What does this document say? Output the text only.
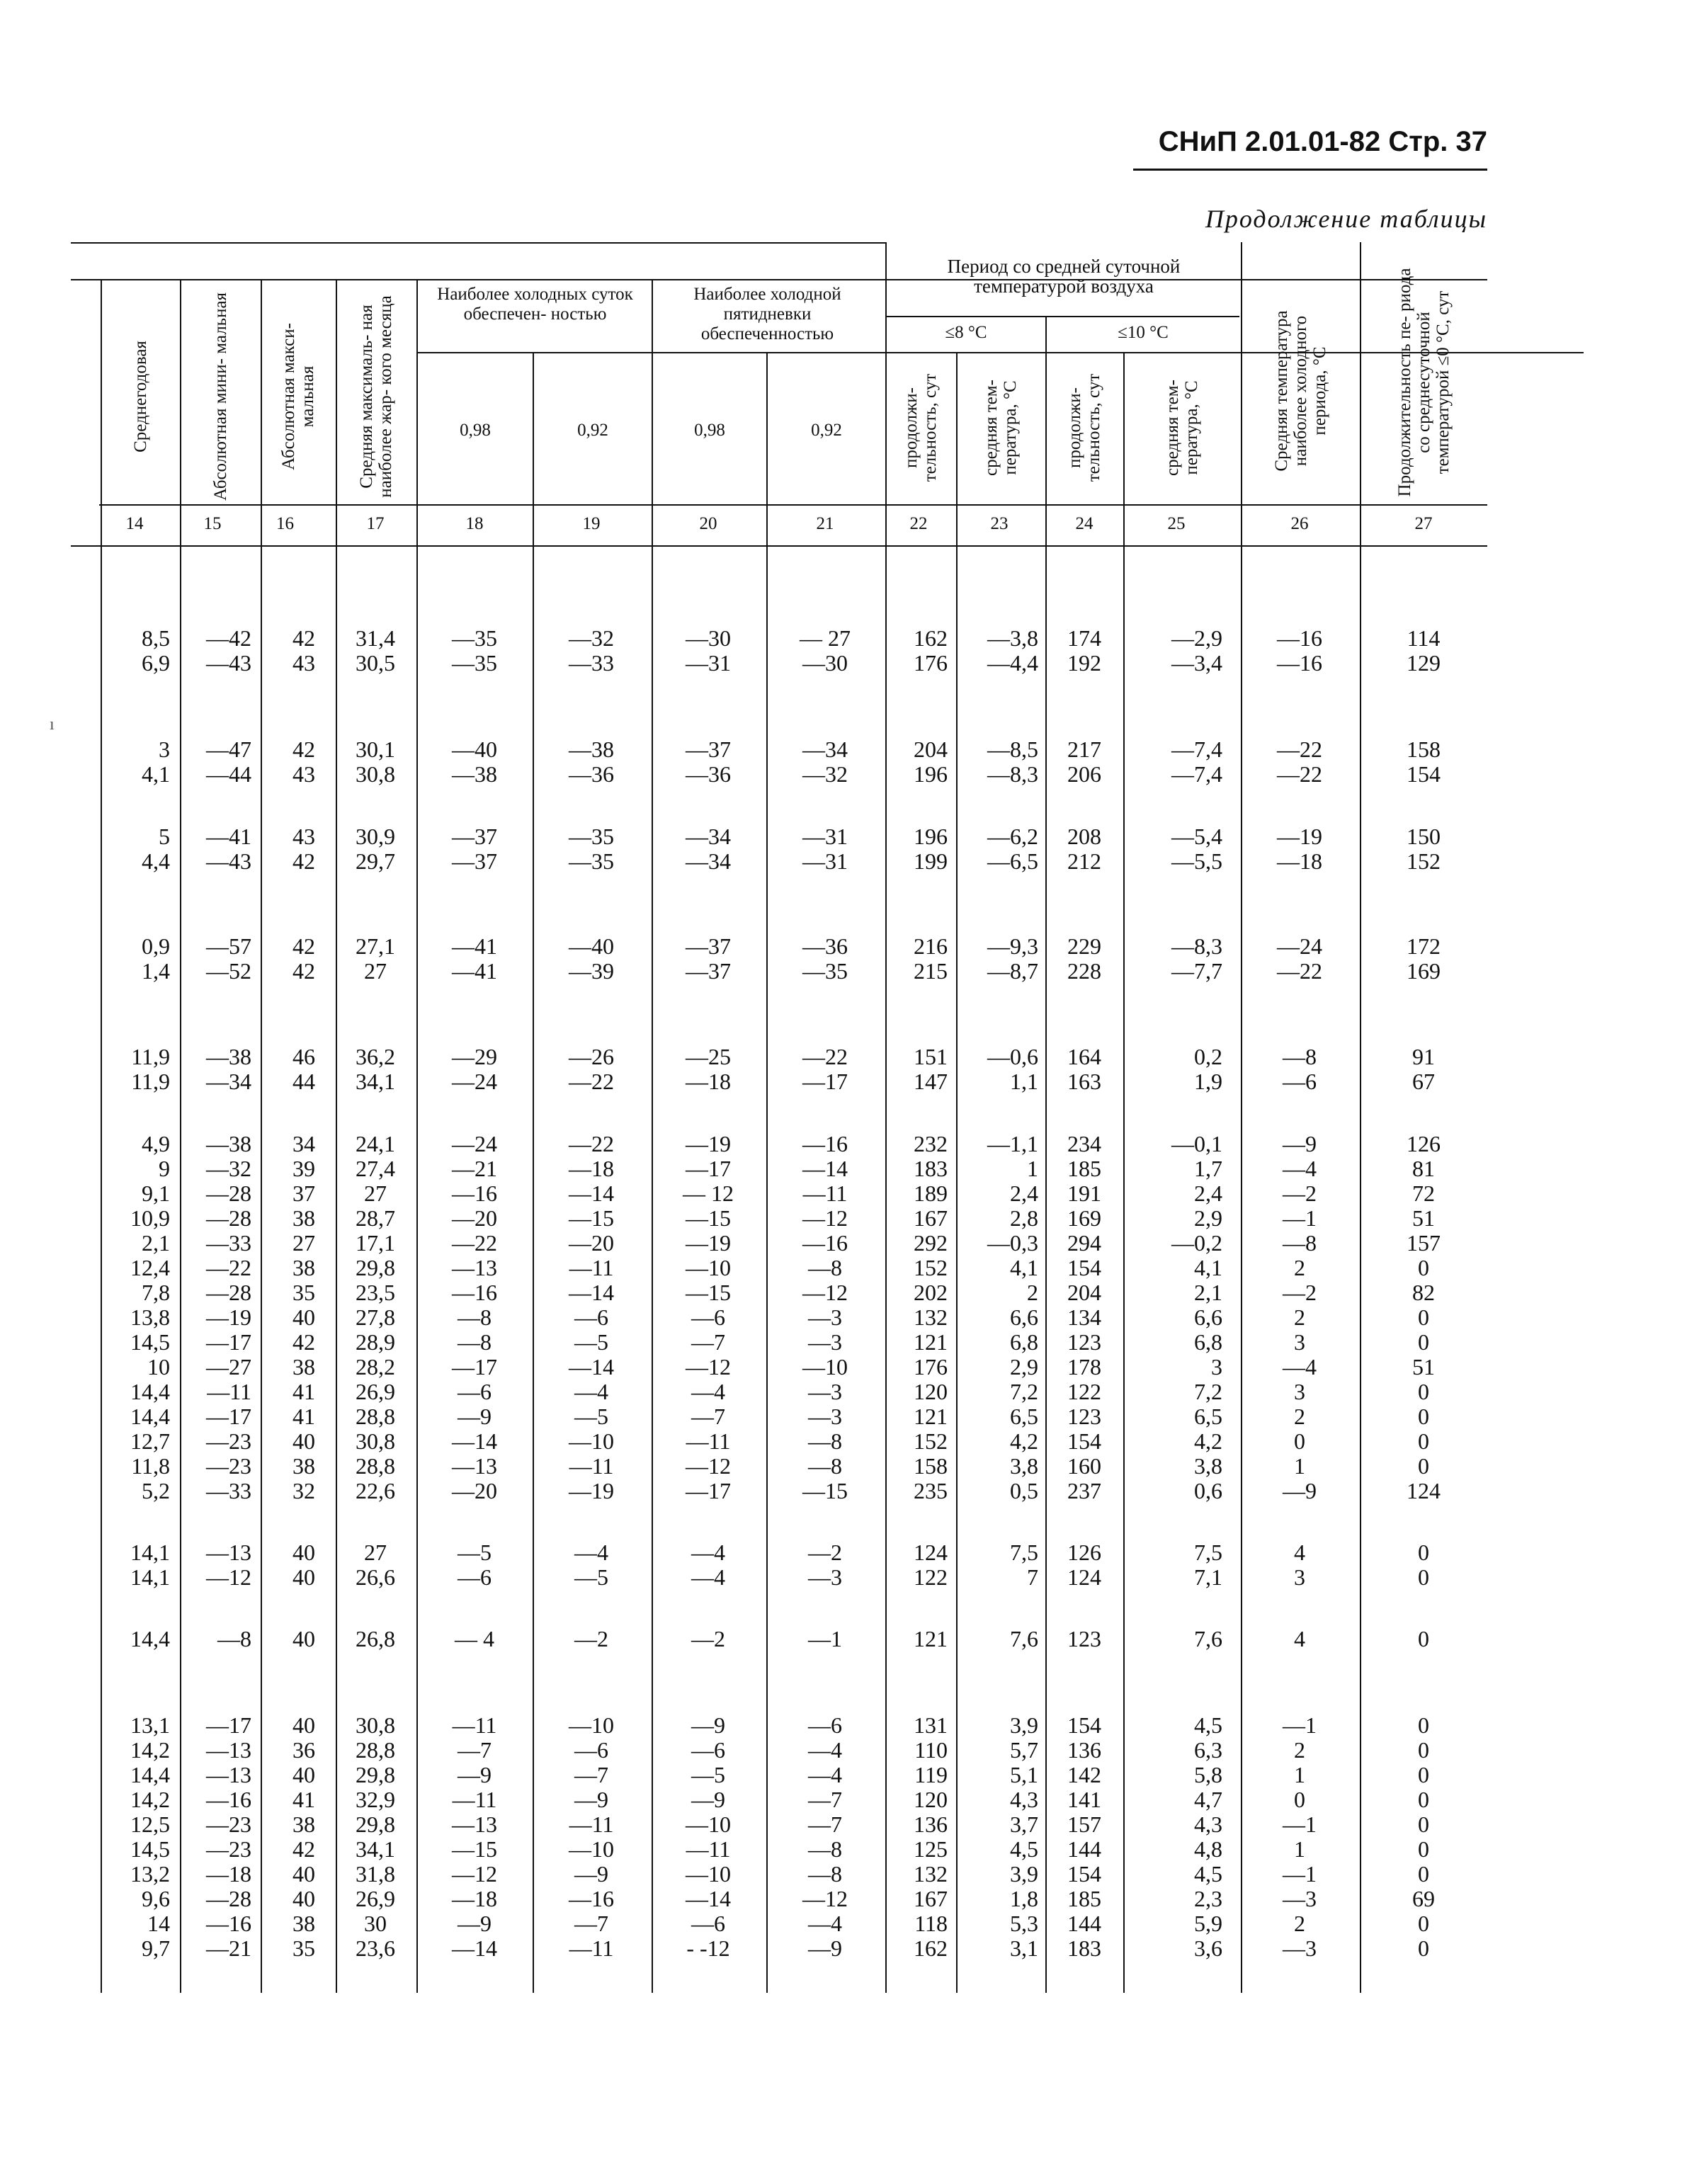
СНиП 2.01.01-82 Стр. 37
Продолжение таблицы
ı
Наиболее холодных суток обеспечен- ностью
Наиболее холодной пятидневки обеспеченностью
Период со средней суточной температурой воздуха
≤8 °С	≤10 °С
Среднегодовая	Абсолютная мини- мальная	Абсолютная макси- мальная	Средняя максималь- ная наиболее жар- кого месяца	0,98	0,92	0,98	0,92	продолжи- тельность, сут	средняя тем- пература, °С	продолжи- тельность, сут	средняя тем- пература, °С	Средняя температура наиболее холодного периода, °С	Продолжительность пе- риода со среднесуточной температурой ≤0 °С, сут
14	15	16	17	18	19	20	21	22	23	24	25	26	27
8,5	—42	42	31,4	—35	—32	—30	— 27	162	—3,8	174	—2,9	—16	114
6,9	—43	43	30,5	—35	—33	—31	—30	176	—4,4	192	—3,4	—16	129
3	—47	42	30,1	—40	—38	—37	—34	204	—8,5	217	—7,4	—22	158
4,1	—44	43	30,8	—38	—36	—36	—32	196	—8,3	206	—7,4	—22	154
5	—41	43	30,9	—37	—35	—34	—31	196	—6,2	208	—5,4	—19	150
4,4	—43	42	29,7	—37	—35	—34	—31	199	—6,5	212	—5,5	—18	152
0,9	—57	42	27,1	—41	—40	—37	—36	216	—9,3	229	—8,3	—24	172
1,4	—52	42	27	—41	—39	—37	—35	215	—8,7	228	—7,7	—22	169
11,9	—38	46	36,2	—29	—26	—25	—22	151	—0,6	164	0,2	—8	91
11,9	—34	44	34,1	—24	—22	—18	—17	147	1,1	163	1,9	—6	67
4,9	—38	34	24,1	—24	—22	—19	—16	232	—1,1	234	—0,1	—9	126
9	—32	39	27,4	—21	—18	—17	—14	183	1	185	1,7	—4	81
9,1	—28	37	27	—16	—14	— 12	—11	189	2,4	191	2,4	—2	72
10,9	—28	38	28,7	—20	—15	—15	—12	167	2,8	169	2,9	—1	51
2,1	—33	27	17,1	—22	—20	—19	—16	292	—0,3	294	—0,2	—8	157
12,4	—22	38	29,8	—13	—11	—10	—8	152	4,1	154	4,1	2	0
7,8	—28	35	23,5	—16	—14	—15	—12	202	2	204	2,1	—2	82
13,8	—19	40	27,8	—8	—6	—6	—3	132	6,6	134	6,6	2	0
14,5	—17	42	28,9	—8	—5	—7	—3	121	6,8	123	6,8	3	0
10	—27	38	28,2	—17	—14	—12	—10	176	2,9	178	3	—4	51
14,4	—11	41	26,9	—6	—4	—4	—3	120	7,2	122	7,2	3	0
14,4	—17	41	28,8	—9	—5	—7	—3	121	6,5	123	6,5	2	0
12,7	—23	40	30,8	—14	—10	—11	—8	152	4,2	154	4,2	0	0
11,8	—23	38	28,8	—13	—11	—12	—8	158	3,8	160	3,8	1	0
5,2	—33	32	22,6	—20	—19	—17	—15	235	0,5	237	0,6	—9	124
14,1	—13	40	27	—5	—4	—4	—2	124	7,5	126	7,5	4	0
14,1	—12	40	26,6	—6	—5	—4	—3	122	7	124	7,1	3	0
14,4	—8	40	26,8	— 4	—2	—2	—1	121	7,6	123	7,6	4	0
13,1	—17	40	30,8	—11	—10	—9	—6	131	3,9	154	4,5	—1	0
14,2	—13	36	28,8	—7	—6	—6	—4	110	5,7	136	6,3	2	0
14,4	—13	40	29,8	—9	—7	—5	—4	119	5,1	142	5,8	1	0
14,2	—16	41	32,9	—11	—9	—9	—7	120	4,3	141	4,7	0	0
12,5	—23	38	29,8	—13	—11	—10	—7	136	3,7	157	4,3	—1	0
14,5	—23	42	34,1	—15	—10	—11	—8	125	4,5	144	4,8	1	0
13,2	—18	40	31,8	—12	—9	—10	—8	132	3,9	154	4,5	—1	0
9,6	—28	40	26,9	—18	—16	—14	—12	167	1,8	185	2,3	—3	69
14	—16	38	30	—9	—7	—6	—4	118	5,3	144	5,9	2	0
9,7	—21	35	23,6	—14	—11	- -12	—9	162	3,1	183	3,6	—3	0
